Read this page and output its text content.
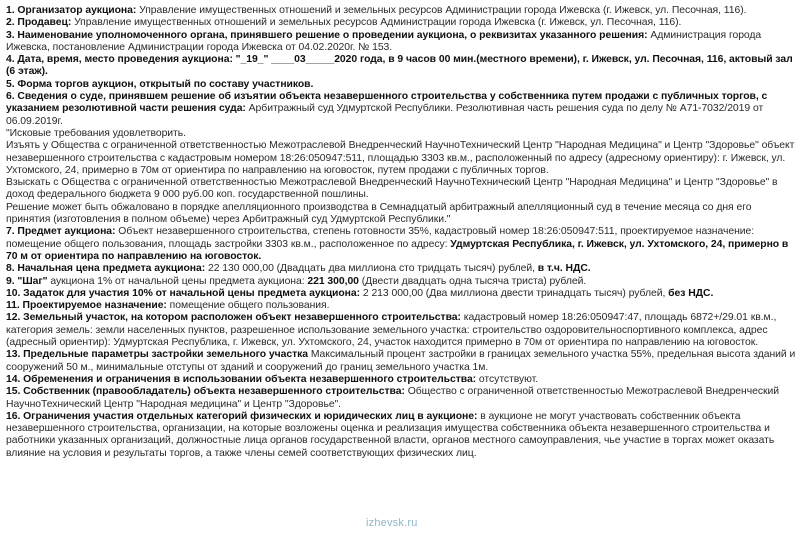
1. Организатор аукциона: Управление имущественных отношений и земельных ресурсов Администрации города Ижевска (г. Ижевск, ул. Песочная, 116).

2. Продавец: Управление имущественных отношений и земельных ресурсов Администрации города Ижевска (г. Ижевск, ул. Песочная, 116).

3. Наименование уполномоченного органа, принявшего решение о проведении аукциона, о реквизитах указанного решения: Администрация города Ижевска, постановление Администрации города Ижевска от 04.02.2020г. № 153.

4. Дата, время, место проведения аукциона: "_19_" ____03_____2020 года, в 9 часов 00 мин.(местного времени), г. Ижевск, ул. Песочная, 116, актовый зал (6 этаж).

5. Форма торгов аукцион, открытый по составу участников.

6. Сведения о суде, принявшем решение об изъятии объекта незавершенного строительства у собственника путем продажи с публичных торгов, с указанием резолютивной части решения суда: Арбитражный суд Удмуртской Республики. Резолютивная часть решения суда по делу № А71-7032/2019 от 06.09.2019г.

"Исковые требования удовлетворить.

Изъять у Общества с ограниченной ответственностью Межотраслевой Внедренческий НаучноТехнический Центр "Народная Медицина" и Центр "Здоровье" объект незавершенного строительства с кадастровым номером 18:26:050947:511, площадью 3303 кв.м., расположенный по адресу (адресному ориентиру): г. Ижевск, ул. Ухтомского, 24, примерно в 70м от ориентира по направлению на юговосток, путем продажи с публичных торгов.

Взыскать с Общества с ограниченной ответственностью Межотраслевой Внедренческий НаучноТехнический Центр "Народная Медицина" и Центр "Здоровье" в доход федерального бюджета 9 000 руб.00 коп. государственной пошлины.

Решение может быть обжаловано в порядке апелляционного производства в Семнадцатый арбитражный апелляционный суд в течение месяца со дня его принятия (изготовления в полном объеме) через Арбитражный суд Удмуртской Республики."

7. Предмет аукциона: Объект незавершенного строительства, степень готовности 35%, кадастровый номер 18:26:050947:511, проектируемое назначение: помещение общего пользования, площадь застройки 3303 кв.м., расположенное по адресу: Удмуртская Республика, г. Ижевск, ул. Ухтомского, 24, примерно в 70 м от ориентира по направлению на юговосток.

8. Начальная цена предмета аукциона: 22 130 000,00 (Двадцать два миллиона сто тридцать тысяч) рублей, в т.ч. НДС.

9. "Шаг" аукциона 1% от начальной цены предмета аукциона: 221 300,00 (Двести двадцать одна тысяча триста) рублей.

10. Задаток для участия 10% от начальной цены предмета аукциона: 2 213 000,00 (Два миллиона двести тринадцать тысяч) рублей, без НДС.

11. Проектируемое назначение: помещение общего пользования.

12. Земельный участок, на котором расположен объект незавершенного строительства: кадастровый номер 18:26:050947:47, площадь 6872+/29.01 кв.м., категория земель: земли населенных пунктов, разрешенное использование земельного участка: строительство оздоровительноспортивного комплекса, адрес (адресный ориентир): Удмуртская Республика, г. Ижевск, ул. Ухтомского, 24, участок находится примерно в 70м от ориентира по направлению на юговосток.

13. Предельные параметры застройки земельного участка Максимальный процент застройки в границах земельного участка 55%, предельная высота зданий и сооружений 50 м., минимальные отступы от зданий и сооружений до границ земельного участка 1м.

14. Обременения и ограничения в использовании объекта незавершенного строительства: отсутствуют.

15. Собственник (правообладатель) объекта незавершенного строительства: Общество с ограниченной ответственностью Межотраслевой Внедренческий НаучноТехнический Центр "Народная медицина" и Центр "Здоровье".

16. Ограничения участия отдельных категорий физических и юридических лиц в аукционе: в аукционе не могут участвовать собственник объекта незавершенного строительства, организации, на которые возложены оценка и реализация имущества собственника объекта незавершенного строительства и работники указанных организаций, должностные лица органов государственной власти, органов местного самоуправления, чье участие в торгах может оказать влияние на условия и результаты торгов, а также члены семей соответствующих физических лиц.

izhevsk.ru
